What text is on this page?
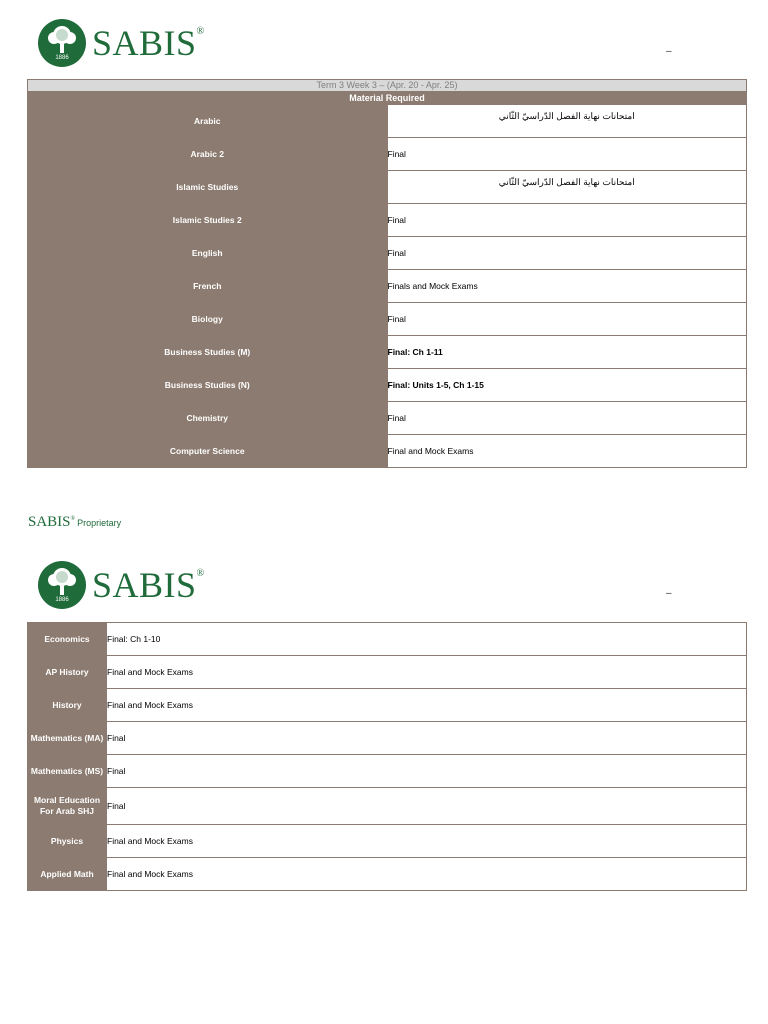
1886 SABIS®
–
Term 3 Week 3 – (Apr. 20 - Apr. 25)	
Material Required	
Arabic	امتحانات نهاية الفصل الدّراسيّ الثّاني
Arabic 2	Final
Islamic Studies	امتحانات نهاية الفصل الدّراسيّ الثّاني
Islamic Studies 2	Final
English	Final
French	Finals and Mock Exams
Biology	Final
Business Studies (M)	Final: Ch 1-11
Business Studies (N)	Final: Units 1-5, Ch 1-15
Chemistry	Final
Computer Science	Final and Mock Exams
SABIS® Proprietary
1886 SABIS®
–
Economics	Final: Ch 1-10
AP History	Final and Mock Exams
History	Final and Mock Exams
Mathematics (MA)	Final
Mathematics (MS)	Final
Moral Education For Arab SHJ	Final
Physics	Final and Mock Exams
Applied Math	Final and Mock Exams
